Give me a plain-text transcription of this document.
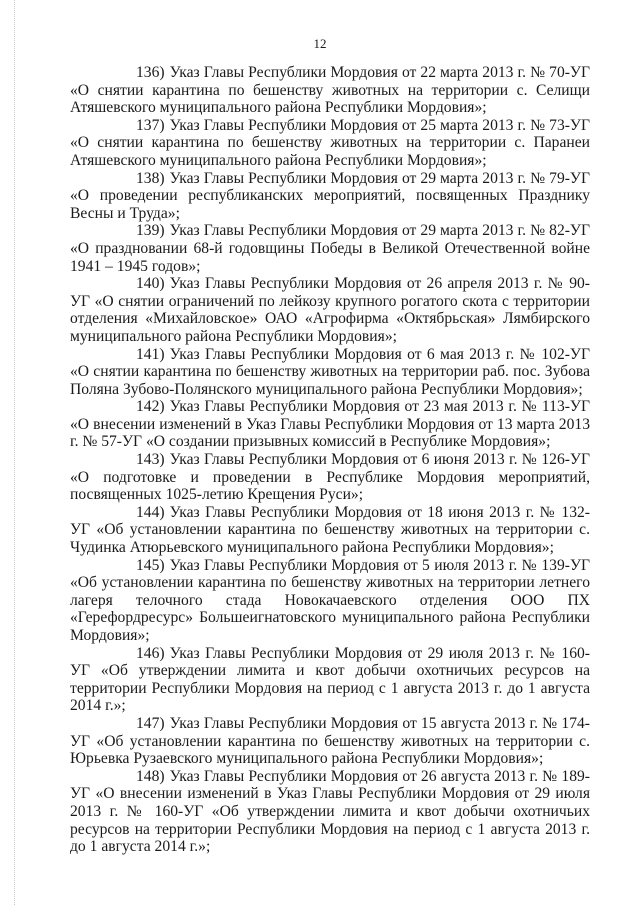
12

136) Указ Главы Республики Мордовия от 22 марта 2013 г. № 70-УГ «О снятии карантина по бешенству животных на территории с. Селищи Атяшевского муниципального района Республики Мордовия»;

137) Указ Главы Республики Мордовия от 25 марта 2013 г. № 73-УГ «О снятии карантина по бешенству животных на территории с. Паранеи Атяшевского муниципального района Республики Мордовия»;

138) Указ Главы Республики Мордовия от 29 марта 2013 г. № 79-УГ «О проведении республиканских мероприятий, посвященных Празднику Весны и Труда»;

139) Указ Главы Республики Мордовия от 29 марта 2013 г. № 82-УГ «О праздновании 68-й годовщины Победы в Великой Отечественной войне 1941 – 1945 годов»;

140) Указ Главы Республики Мордовия от 26 апреля 2013 г. № 90-УГ «О снятии ограничений по лейкозу крупного рогатого скота с территории отделения «Михайловское» ОАО «Агрофирма «Октябрьская» Лямбирского муниципального района Республики Мордовия»;

141) Указ Главы Республики Мордовия от 6 мая 2013 г. № 102-УГ «О снятии карантина по бешенству животных на территории раб. пос. Зубова Поляна Зубово-Полянского муниципального района Республики Мордовия»;

142) Указ Главы Республики Мордовия от 23 мая 2013 г. № 113-УГ «О внесении изменений в Указ Главы Республики Мордовия от 13 марта 2013 г. № 57-УГ «О создании призывных комиссий в Республике Мордовия»;

143) Указ Главы Республики Мордовия от 6 июня 2013 г. № 126-УГ «О подготовке и проведении в Республике Мордовия мероприятий, посвященных 1025-летию Крещения Руси»;

144) Указ Главы Республики Мордовия от 18 июня 2013 г. № 132-УГ «Об установлении карантина по бешенству животных на территории с. Чудинка Атюрьевского муниципального района Республики Мордовия»;

145) Указ Главы Республики Мордовия от 5 июля 2013 г. № 139-УГ «Об установлении карантина по бешенству животных на территории летнего лагеря телочного стада Новокачаевского отделения ООО ПХ «Герефордресурс» Большеигнатовского муниципального района Республики Мордовия»;

146) Указ Главы Республики Мордовия от 29 июля 2013 г. № 160-УГ «Об утверждении лимита и квот добычи охотничьих ресурсов на территории Республики Мордовия на период с 1 августа 2013 г. до 1 августа 2014 г.»;

147) Указ Главы Республики Мордовия от 15 августа 2013 г. № 174-УГ «Об установлении карантина по бешенству животных на территории с. Юрьевка Рузаевского муниципального района Республики Мордовия»;

148) Указ Главы Республики Мордовия от 26 августа 2013 г. № 189-УГ «О внесении изменений в Указ Главы Республики Мордовия от 29 июля 2013 г. № 160-УГ «Об утверждении лимита и квот добычи охотничьих ресурсов на территории Республики Мордовия на период с 1 августа 2013 г. до 1 августа 2014 г.»;
